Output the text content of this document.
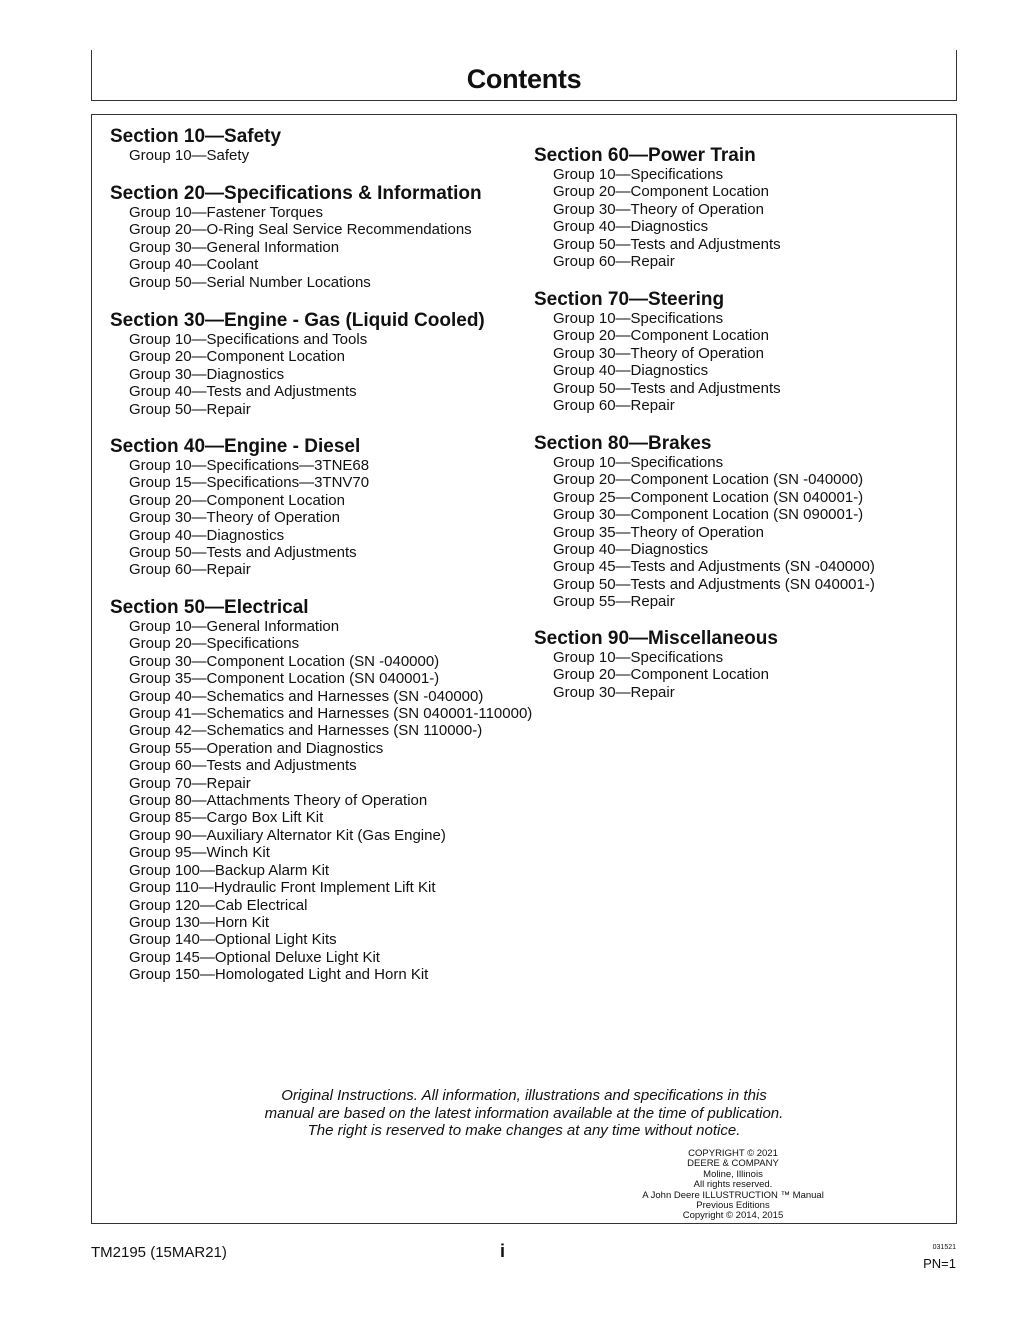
Contents
Section 10—Safety
Group 10—Safety
Section 20—Specifications & Information
Group 10—Fastener Torques
Group 20—O-Ring Seal Service Recommendations
Group 30—General Information
Group 40—Coolant
Group 50—Serial Number Locations
Section 30—Engine - Gas (Liquid Cooled)
Group 10—Specifications and Tools
Group 20—Component Location
Group 30—Diagnostics
Group 40—Tests and Adjustments
Group 50—Repair
Section 40—Engine - Diesel
Group 10—Specifications—3TNE68
Group 15—Specifications—3TNV70
Group 20—Component Location
Group 30—Theory of Operation
Group 40—Diagnostics
Group 50—Tests and Adjustments
Group 60—Repair
Section 50—Electrical
Group 10—General Information
Group 20—Specifications
Group 30—Component Location (SN -040000)
Group 35—Component Location (SN 040001-)
Group 40—Schematics and Harnesses (SN -040000)
Group 41—Schematics and Harnesses (SN 040001-110000)
Group 42—Schematics and Harnesses (SN 110000-)
Group 55—Operation and Diagnostics
Group 60—Tests and Adjustments
Group 70—Repair
Group 80—Attachments Theory of Operation
Group 85—Cargo Box Lift Kit
Group 90—Auxiliary Alternator Kit (Gas Engine)
Group 95—Winch Kit
Group 100—Backup Alarm Kit
Group 110—Hydraulic Front Implement Lift Kit
Group 120—Cab Electrical
Group 130—Horn Kit
Group 140—Optional Light Kits
Group 145—Optional Deluxe Light Kit
Group 150—Homologated Light and Horn Kit
Section 60—Power Train
Group 10—Specifications
Group 20—Component Location
Group 30—Theory of Operation
Group 40—Diagnostics
Group 50—Tests and Adjustments
Group 60—Repair
Section 70—Steering
Group 10—Specifications
Group 20—Component Location
Group 30—Theory of Operation
Group 40—Diagnostics
Group 50—Tests and Adjustments
Group 60—Repair
Section 80—Brakes
Group 10—Specifications
Group 20—Component Location (SN -040000)
Group 25—Component Location (SN 040001-)
Group 30—Component Location (SN 090001-)
Group 35—Theory of Operation
Group 40—Diagnostics
Group 45—Tests and Adjustments (SN -040000)
Group 50—Tests and Adjustments (SN 040001-)
Group 55—Repair
Section 90—Miscellaneous
Group 10—Specifications
Group 20—Component Location
Group 30—Repair
Original Instructions. All information, illustrations and specifications in this
manual are based on the latest information available at the time of publication.
The right is reserved to make changes at any time without notice.
COPYRIGHT © 2021
DEERE & COMPANY
Moline, Illinois
All rights reserved.
A John Deere ILLUSTRUCTION ™ Manual
Previous Editions
Copyright © 2014, 2015
TM2195 (15MAR21)	i	031521
PN=1
